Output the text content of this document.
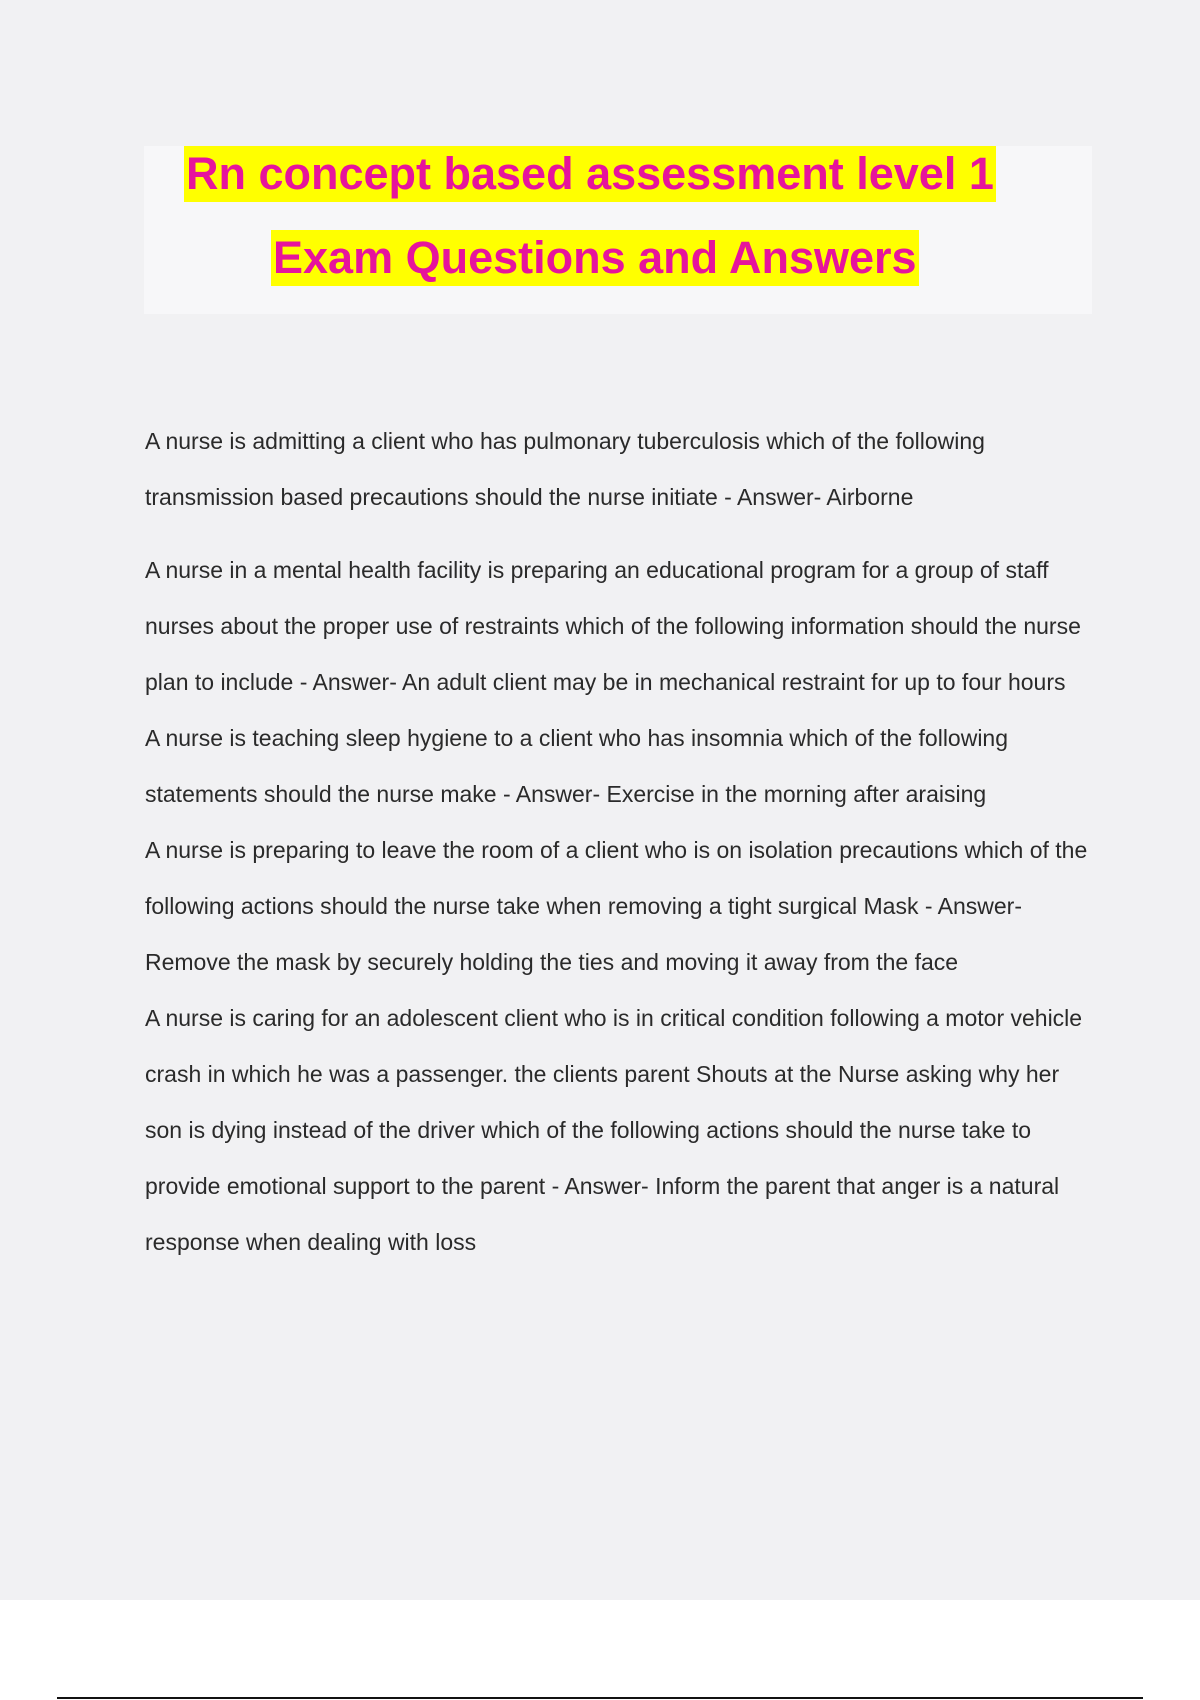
Rn concept based assessment level 1
Exam Questions and Answers

A nurse is admitting a client who has pulmonary tuberculosis which of the following transmission based precautions should the nurse initiate - Answer- Airborne

A nurse in a mental health facility is preparing an educational program for a group of staff nurses about the proper use of restraints which of the following information should the nurse plan to include - Answer- An adult client may be in mechanical restraint for up to four hours

A nurse is teaching sleep hygiene to a client who has insomnia which of the following statements should the nurse make - Answer- Exercise in the morning after araising

A nurse is preparing to leave the room of a client who is on isolation precautions which of the following actions should the nurse take when removing a tight surgical Mask - Answer- Remove the mask by securely holding the ties and moving it away from the face

A nurse is caring for an adolescent client who is in critical condition following a motor vehicle crash in which he was a passenger. the clients parent Shouts at the Nurse asking why her son is dying instead of the driver which of the following actions should the nurse take to provide emotional support to the parent - Answer- Inform the parent that anger is a natural response when dealing with loss
